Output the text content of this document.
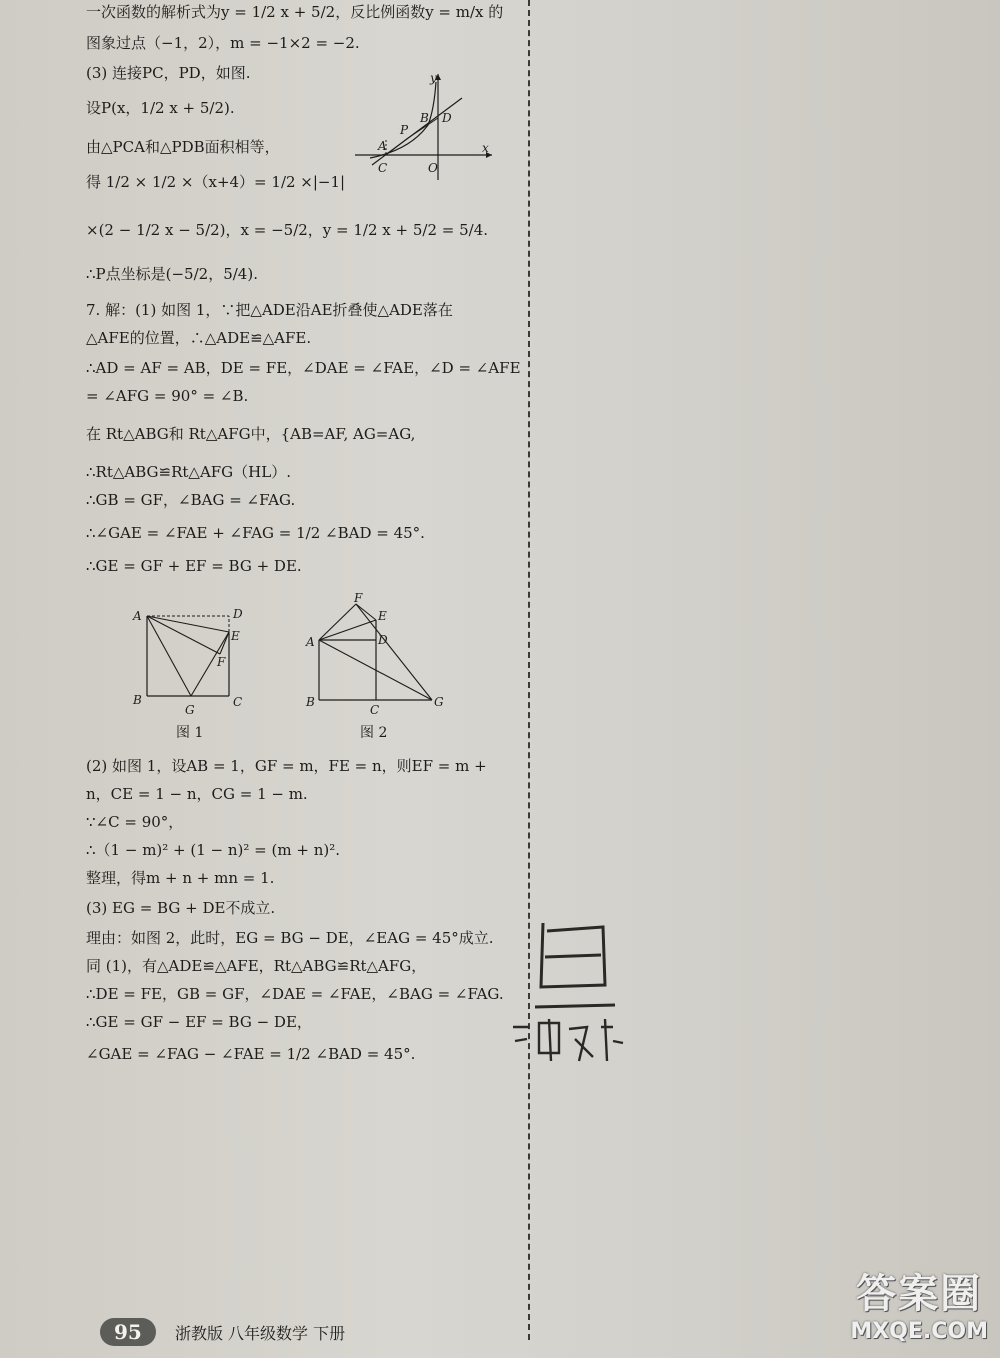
一次函数的解析式为y = 1/2 x + 5/2，反比例函数y = m/x 的
图象过点（−1，2），m = −1×2 = −2.
(3) 连接PC，PD，如图.
设P(x，1/2 x + 5/2).
由△PCA和△PDB面积相等，
得 1/2 × 1/2 ×（x+4）= 1/2 ×|−1|
×(2 − 1/2 x − 5/2)，x = −5/2，y = 1/2 x + 5/2 = 5/4.
∴P点坐标是(−5/2，5/4).
7. 解：(1) 如图 1，∵把△ADE沿AE折叠使△ADE落在
△AFE的位置，∴△ADE≌△AFE.
∴AD = AF = AB，DE = FE，∠DAE = ∠FAE，∠D = ∠AFE
= ∠AFG = 90° = ∠B.
在 Rt△ABG和 Rt△AFG中，{AB=AF, AG=AG,
∴Rt△ABG≌Rt△AFG（HL）.
∴GB = GF，∠BAG = ∠FAG.
∴∠GAE = ∠FAE + ∠FAG = 1/2 ∠BAD = 45°.
∴GE = GF + EF = BG + DE.
(2) 如图 1，设AB = 1，GF = m，FE = n，则EF = m +
n，CE = 1 − n，CG = 1 − m.
∵∠C = 90°，
∴（1 − m)² + (1 − n)² = (m + n)².
整理，得m + n + mn = 1.
(3) EG = BG + DE不成立.
理由：如图 2，此时，EG = BG − DE，∠EAG = 45°成立.
同 (1)，有△ADE≌△AFE，Rt△ABG≌Rt△AFG，
∴DE = FE，GB = GF，∠DAE = ∠FAE，∠BAG = ∠FAG.
∴GE = GF − EF = BG − DE，
∠GAE = ∠FAG − ∠FAE = 1/2 ∠BAD = 45°.
y
x
A
C	O
P
B D
A	D
E
F
B
G
C
图 1
F
E
A	D
B
C
G
图 2
95 浙教版 八年级数学 下册
答案圈
MXQE.COM
